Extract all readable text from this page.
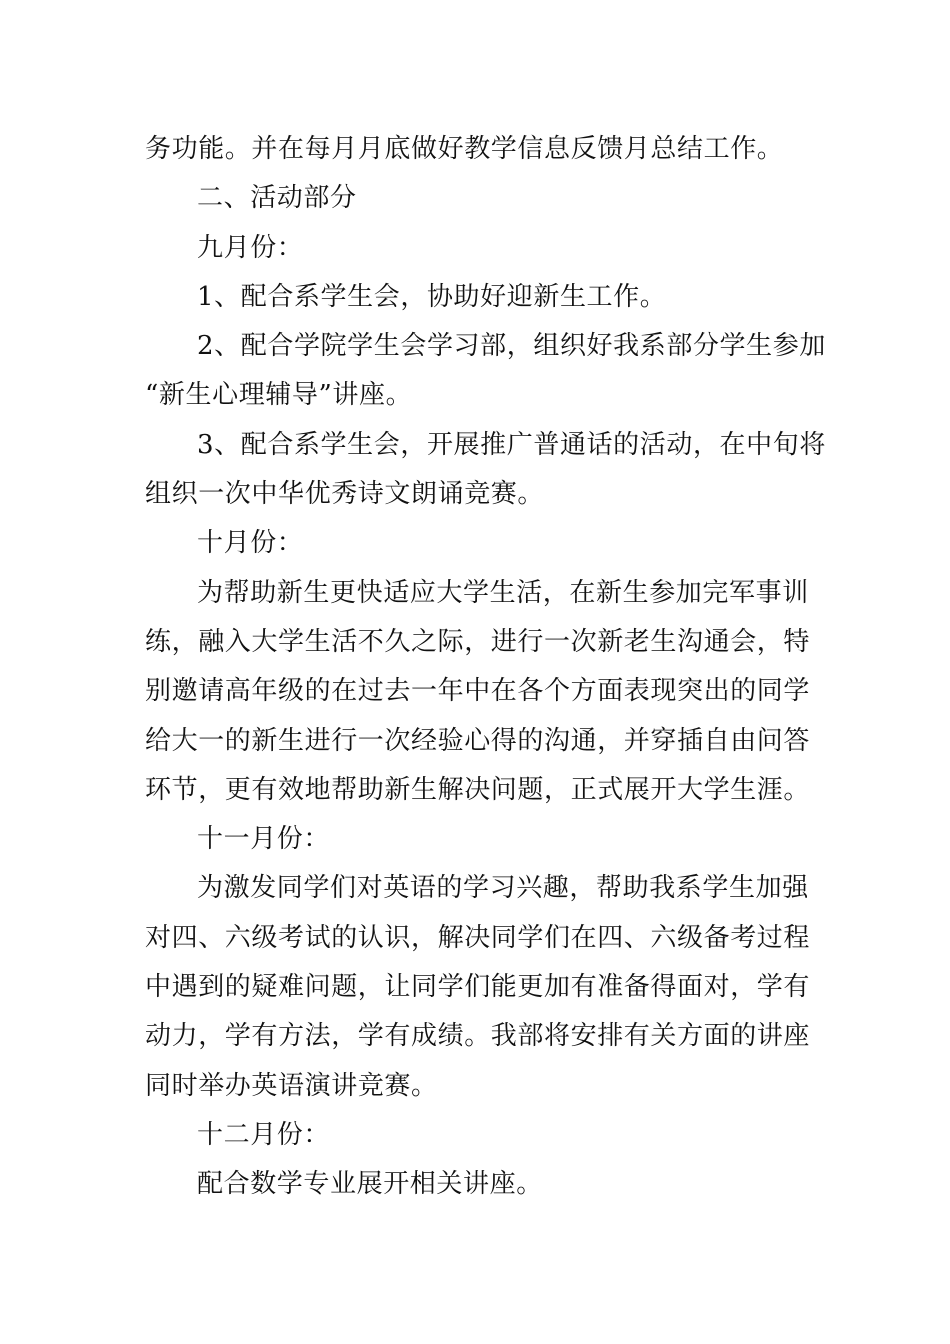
务功能。并在每月月底做好教学信息反馈月总结工作。
二、活动部分
九月份：
1、配合系学生会，协助好迎新生工作。
2、配合学院学生会学习部，组织好我系部分学生参加
“新生心理辅导”讲座。
3、配合系学生会，开展推广普通话的活动，在中旬将
组织一次中华优秀诗文朗诵竞赛。
十月份：
为帮助新生更快适应大学生活，在新生参加完军事训
练，融入大学生活不久之际，进行一次新老生沟通会，特
别邀请高年级的在过去一年中在各个方面表现突出的同学
给大一的新生进行一次经验心得的沟通，并穿插自由问答
环节，更有效地帮助新生解决问题，正式展开大学生涯。
十一月份：
为激发同学们对英语的学习兴趣，帮助我系学生加强
对四、六级考试的认识，解决同学们在四、六级备考过程
中遇到的疑难问题，让同学们能更加有准备得面对，学有
动力，学有方法，学有成绩。我部将安排有关方面的讲座
同时举办英语演讲竞赛。
十二月份：
配合数学专业展开相关讲座。
